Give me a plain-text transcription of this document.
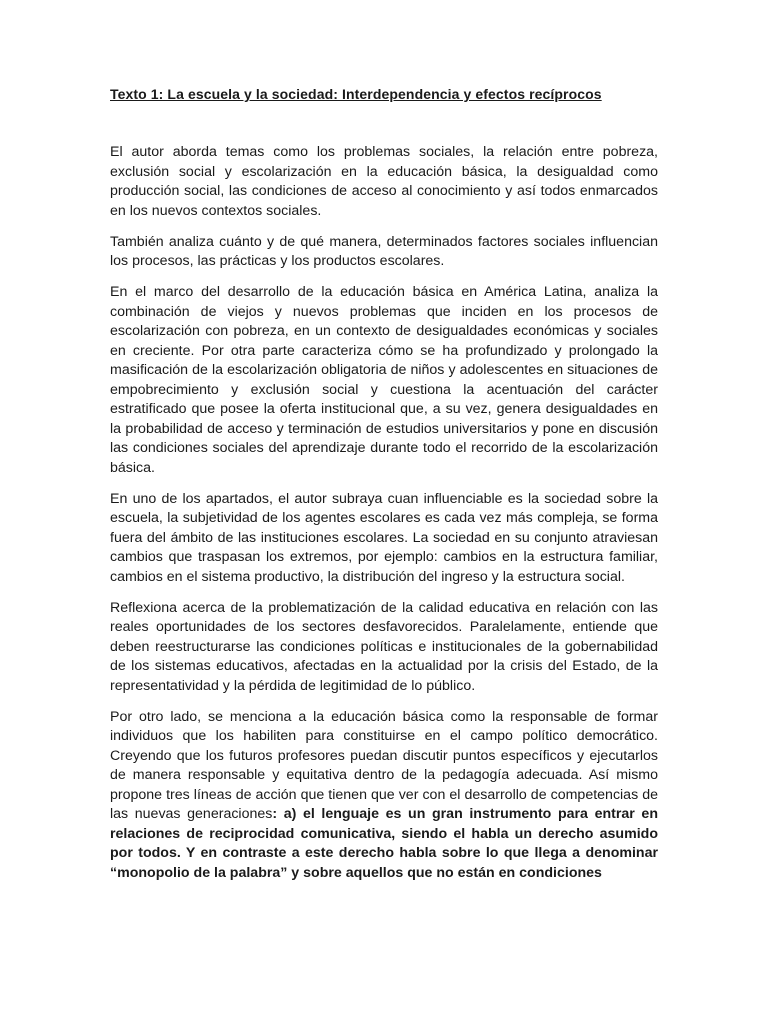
Texto 1: La escuela y la sociedad: Interdependencia y efectos recíprocos

El autor aborda temas como los problemas sociales, la relación entre pobreza, exclusión social y escolarización en la educación básica, la desigualdad como producción social, las condiciones de acceso al conocimiento y así todos enmarcados en los nuevos contextos sociales.

También analiza cuánto y de qué manera, determinados factores sociales influencian los procesos, las prácticas y los productos escolares.

En el marco del desarrollo de la educación básica en América Latina, analiza la combinación de viejos y nuevos problemas que inciden en los procesos de escolarización con pobreza, en un contexto de desigualdades económicas y sociales en creciente. Por otra parte caracteriza cómo se ha profundizado y prolongado la masificación de la escolarización obligatoria de niños y adolescentes en situaciones de empobrecimiento y exclusión social y cuestiona la acentuación del carácter estratificado que posee la oferta institucional que, a su vez, genera desigualdades en la probabilidad de acceso y terminación de estudios universitarios y pone en discusión las condiciones sociales del aprendizaje durante todo el recorrido de la escolarización básica.

En uno de los apartados, el autor subraya cuan influenciable es la sociedad sobre la escuela, la subjetividad de los agentes escolares es cada vez más compleja, se forma fuera del ámbito de las instituciones escolares. La sociedad en su conjunto atraviesan cambios que traspasan los extremos, por ejemplo: cambios en la estructura familiar, cambios en el sistema productivo, la distribución del ingreso y la estructura social.

Reflexiona acerca de la problematización de la calidad educativa en relación con las reales oportunidades de los sectores desfavorecidos. Paralelamente, entiende que deben reestructurarse las condiciones políticas e institucionales de la gobernabilidad de los sistemas educativos, afectadas en la actualidad por la crisis del Estado, de la representatividad y la pérdida de legitimidad de lo público.

Por otro lado, se menciona a la educación básica como la responsable de formar individuos que los habiliten para constituirse en el campo político democrático. Creyendo que los futuros profesores puedan discutir puntos específicos y ejecutarlos de manera responsable y equitativa dentro de la pedagogía adecuada. Así mismo propone tres líneas de acción que tienen que ver con el desarrollo de competencias de las nuevas generaciones: a) el lenguaje es un gran instrumento para entrar en relaciones de reciprocidad comunicativa, siendo el habla un derecho asumido por todos. Y en contraste a este derecho habla sobre lo que llega a denominar “monopolio de la palabra” y sobre aquellos que no están en condiciones
